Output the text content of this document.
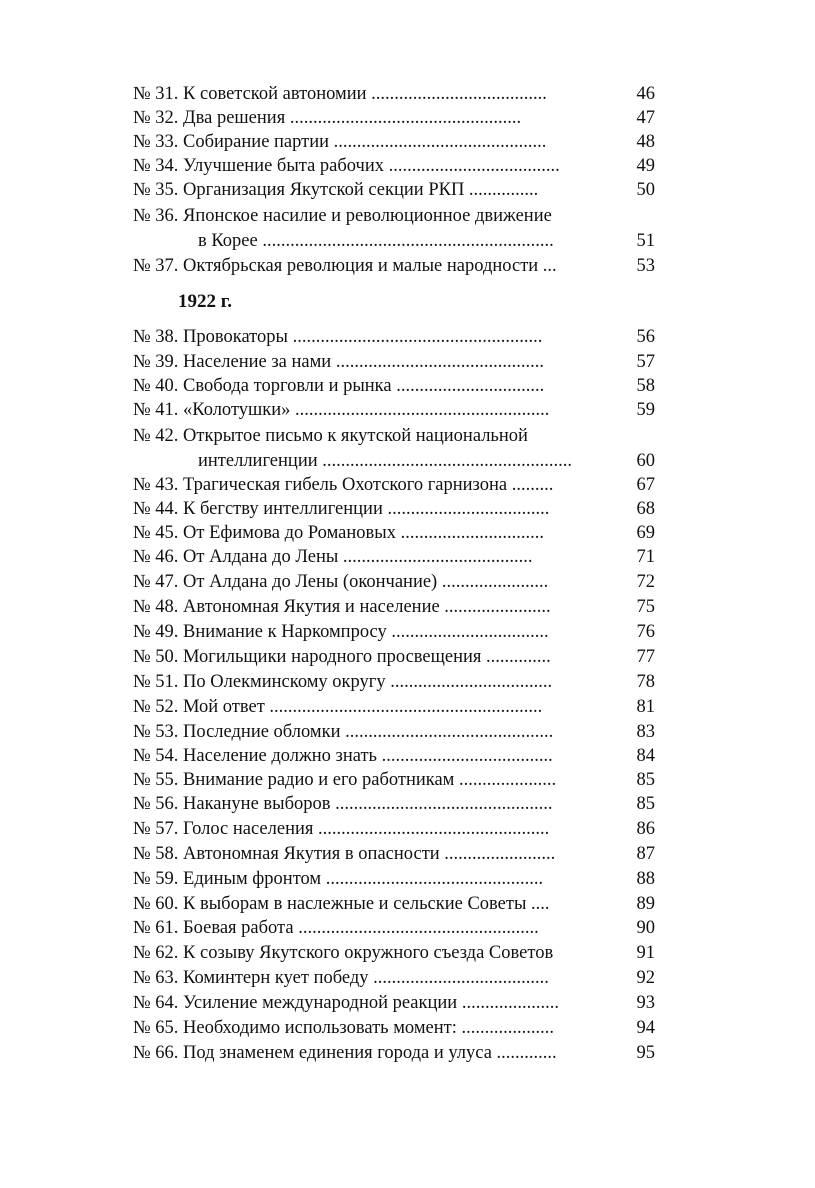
№ 31. К советской автономии ......................................	46
№ 32. Два решения ..................................................	47
№ 33. Собирание партии ..............................................	48
№ 34. Улучшение быта рабочих .....................................	49
№ 35. Организация Якутской секции РКП ...............	50
№ 36. Японское насилие и революционное движение
в Корее ...............................................................	51
№ 37. Октябрьская революция и малые народности ...	53
1922 г.
№ 38. Провокаторы ......................................................	56
№ 39. Население за нами .............................................	57
№ 40. Свобода торговли и рынка ................................	58
№ 41. «Колотушки» .......................................................	59
№ 42. Открытое письмо к якутской национальной
интеллигенции ......................................................	60
№ 43. Трагическая гибель Охотского гарнизона .........	67
№ 44. К бегству интеллигенции ...................................	68
№ 45. От Ефимова до Романовых ...............................	69
№ 46. От Алдана до Лены .........................................	71
№ 47. От Алдана до Лены (окончание) .......................	72
№ 48. Автономная Якутия и население .......................	75
№ 49. Внимание к Наркомпросу ..................................	76
№ 50. Могильщики народного просвещения ..............	77
№ 51. По Олекминскому округу ...................................	78
№ 52. Мой ответ ...........................................................	81
№ 53. Последние обломки .............................................	83
№ 54. Население должно знать .....................................	84
№ 55. Внимание радио и его работникам .....................	85
№ 56. Накануне выборов ...............................................	85
№ 57. Голос населения ..................................................	86
№ 58. Автономная Якутия в опасности ........................	87
№ 59. Единым фронтом ...............................................	88
№ 60. К выборам в наслежные и сельские Советы ....	89
№ 61. Боевая работа ....................................................	90
№ 62. К созыву Якутского окружного съезда Советов	91
№ 63. Коминтерн кует победу ......................................	92
№ 64. Усиление международной реакции .....................	93
№ 65. Необходимо использовать момент: ....................	94
№ 66. Под знаменем единения города и улуса .............	95
